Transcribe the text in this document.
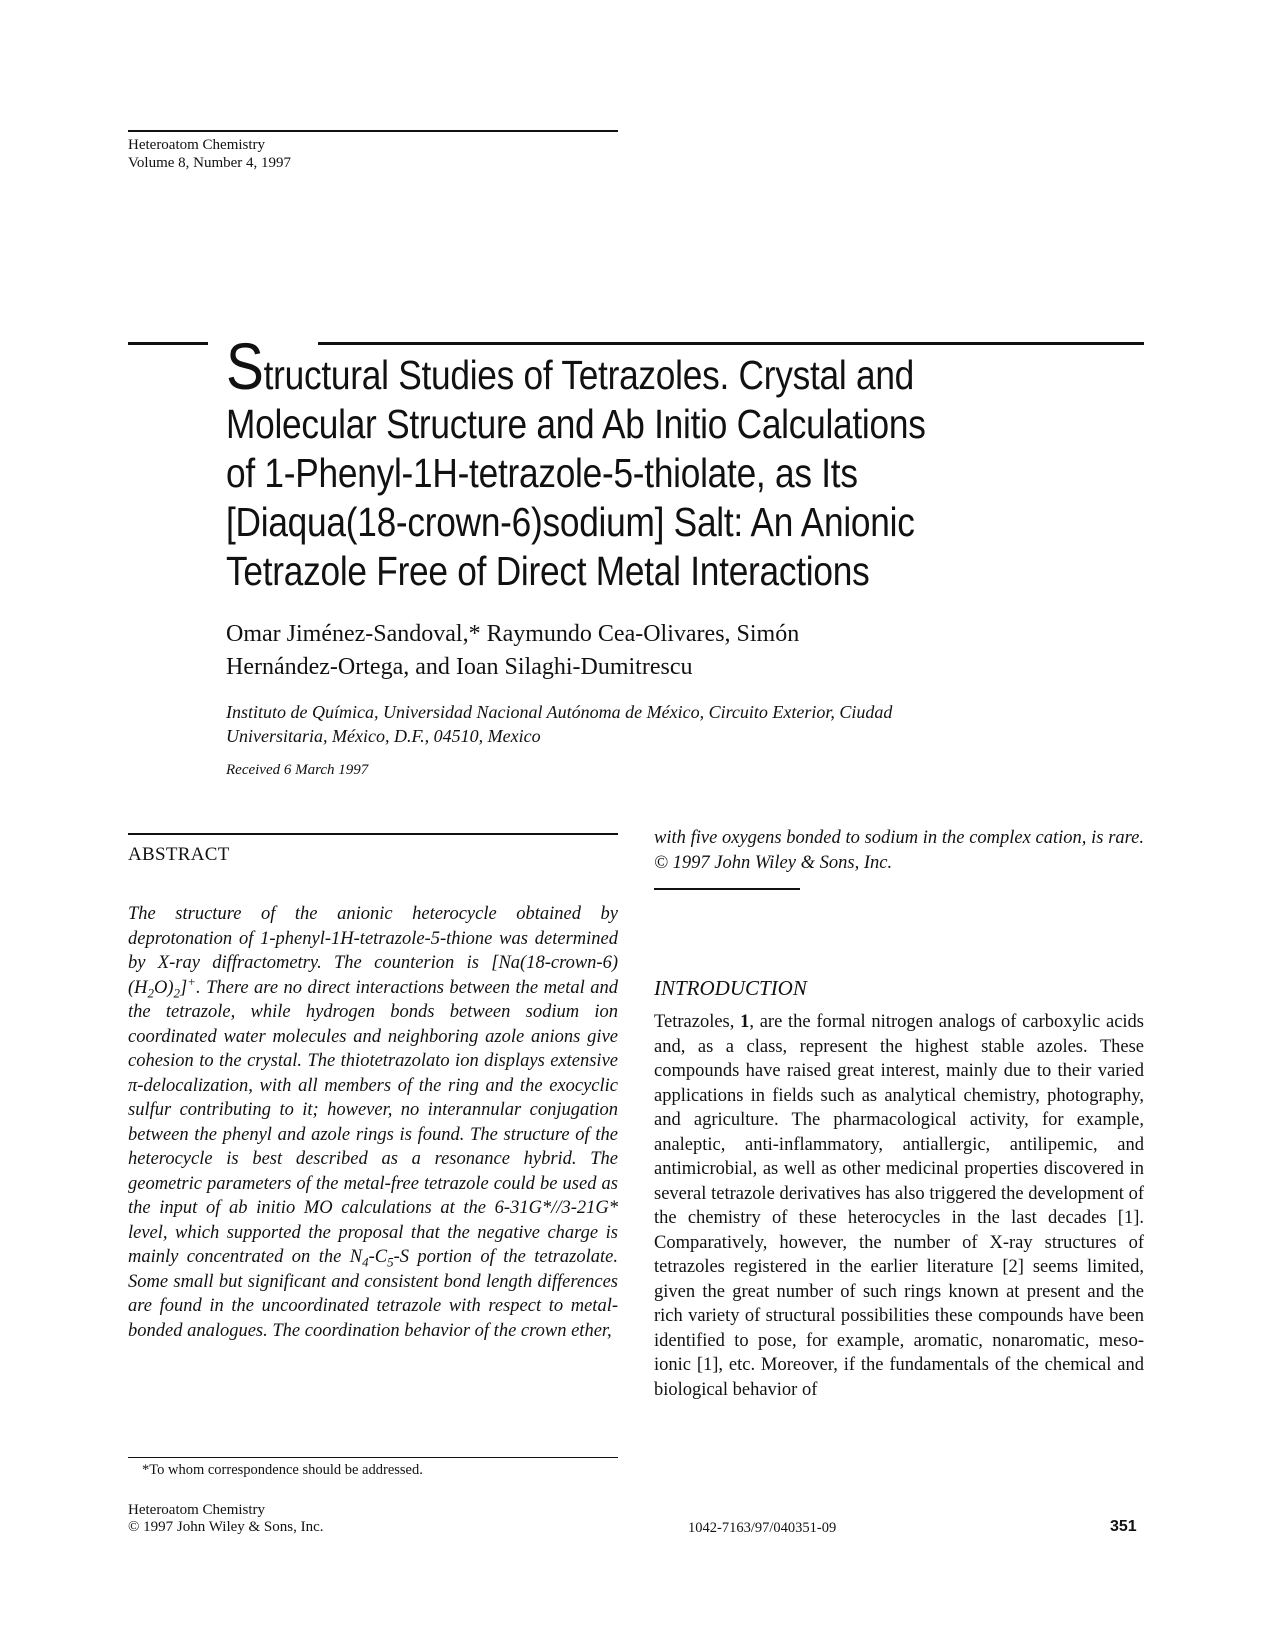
Heteroatom Chemistry
Volume 8, Number 4, 1997
Structural Studies of Tetrazoles. Crystal and
Molecular Structure and Ab Initio Calculations
of 1-Phenyl-1H-tetrazole-5-thiolate, as Its
[Diaqua(18-crown-6)sodium] Salt: An Anionic
Tetrazole Free of Direct Metal Interactions
Omar Jiménez-Sandoval,* Raymundo Cea-Olivares, Simón
Hernández-Ortega, and Ioan Silaghi-Dumitrescu
Instituto de Química, Universidad Nacional Autónoma de México, Circuito Exterior, Ciudad
Universitaria, México, D.F., 04510, Mexico
Received 6 March 1997
ABSTRACT
The structure of the anionic heterocycle obtained by deprotonation of 1-phenyl-1H-tetrazole-5-thione was determined by X-ray diffractometry. The counterion is $[Na(18-crown-6)(H_2O)_2]^+$. There are no direct interactions between the metal and the tetrazole, while hydrogen bonds between sodium ion coordinated water molecules and neighboring azole anions give cohesion to the crystal. The thiotetrazolato ion displays extensive π-delocalization, with all members of the ring and the exocyclic sulfur contributing to it; however, no interannular conjugation between the phenyl and azole rings is found. The structure of the heterocycle is best described as a resonance hybrid. The geometric parameters of the metal-free tetrazole could be used as the input of ab initio MO calculations at the 6-31G*//3-21G* level, which supported the proposal that the negative charge is mainly concentrated on the $N_4-C_5-S$ portion of the tetrazolate. Some small but significant and consistent bond length differences are found in the uncoordinated tetrazole with respect to metal-bonded analogues. The coordination behavior of the crown ether,
*To whom correspondence should be addressed.
with five oxygens bonded to sodium in the complex cation, is rare. © 1997 John Wiley & Sons, Inc.
INTRODUCTION
Tetrazoles, 1, are the formal nitrogen analogs of carboxylic acids and, as a class, represent the highest stable azoles. These compounds have raised great interest, mainly due to their varied applications in fields such as analytical chemistry, photography, and agriculture. The pharmacological activity, for example, analeptic, anti-inflammatory, antiallergic, antilipemic, and antimicrobial, as well as other medicinal properties discovered in several tetrazole derivatives has also triggered the development of the chemistry of these heterocycles in the last decades [1]. Comparatively, however, the number of X-ray structures of tetrazoles registered in the earlier literature [2] seems limited, given the great number of such rings known at present and the rich variety of structural possibilities these compounds have been identified to pose, for example, aromatic, nonaromatic, meso-ionic [1], etc. Moreover, if the fundamentals of the chemical and biological behavior of
Heteroatom Chemistry
© 1997 John Wiley & Sons, Inc.	1042-7163/97/040351-09	351
